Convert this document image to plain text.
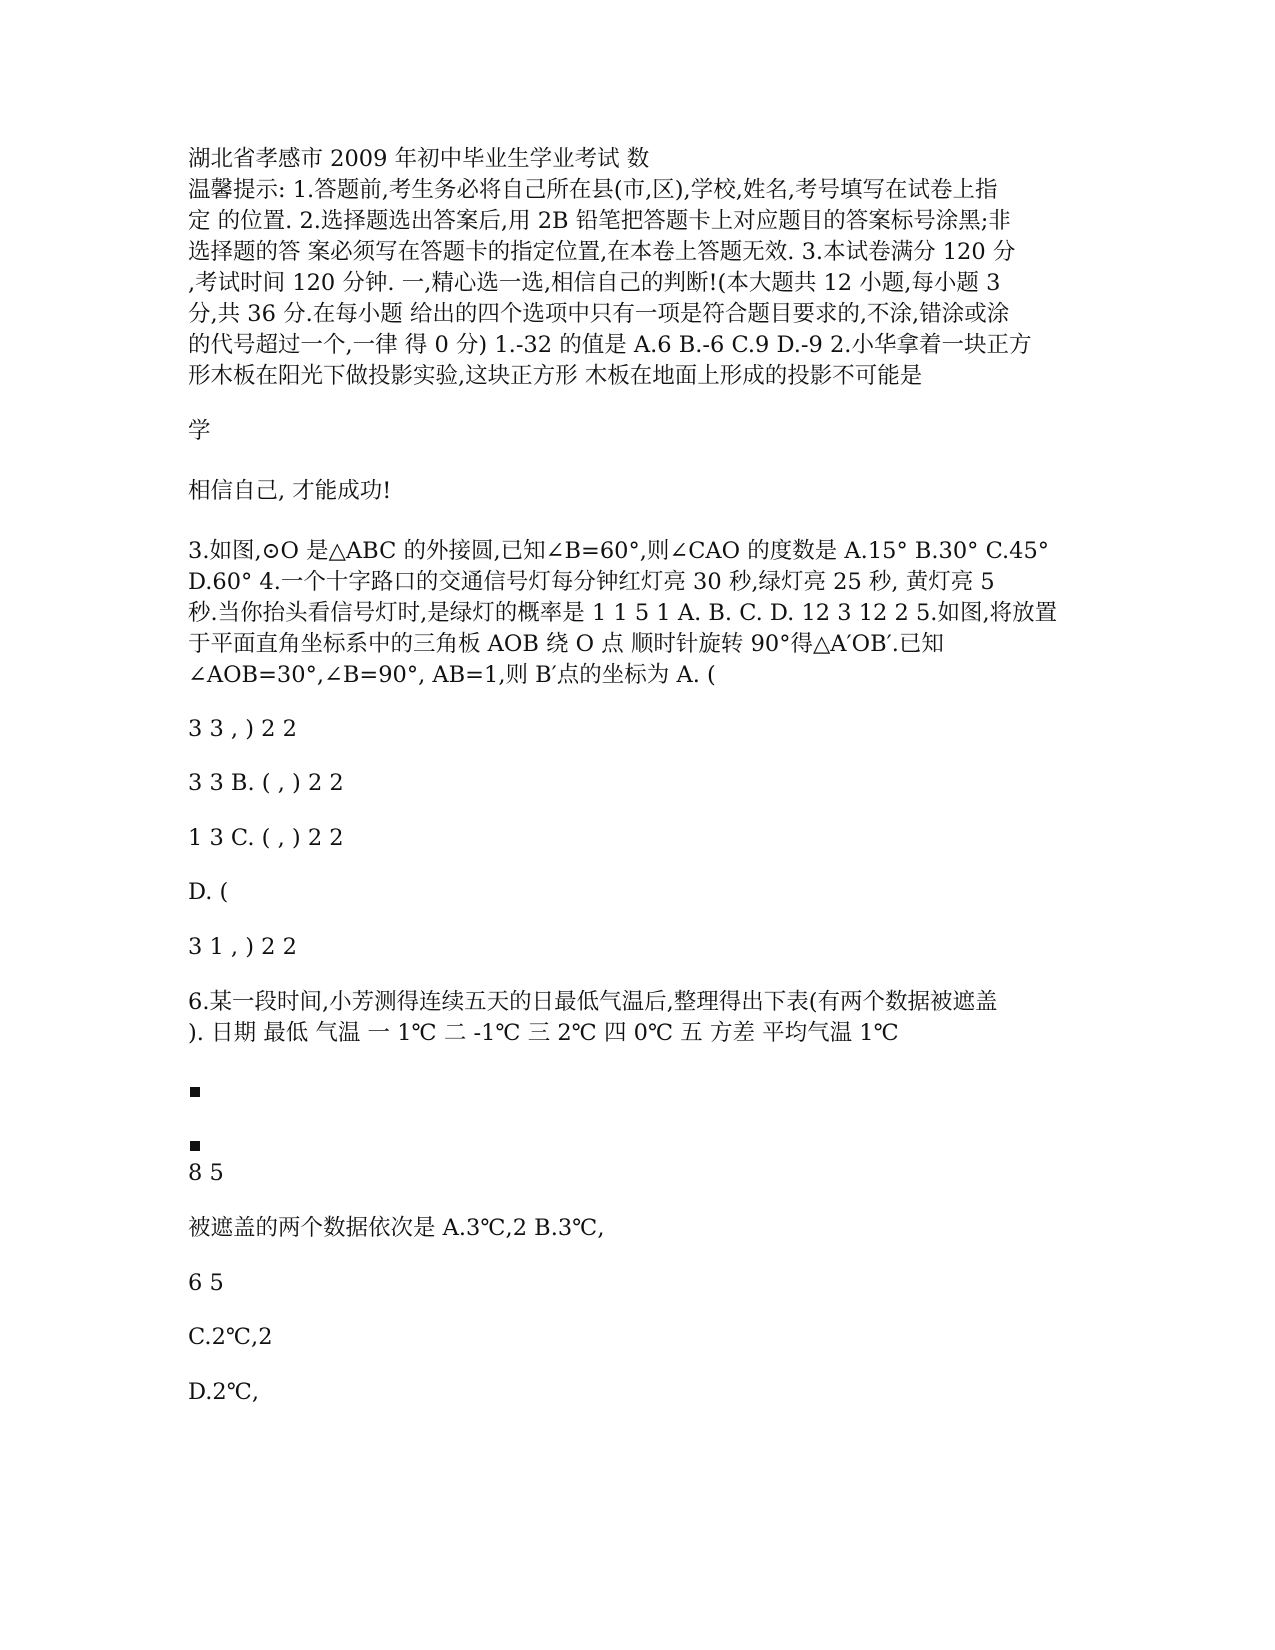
湖北省孝感市 2009 年初中毕业生学业考试 数
温馨提示: 1.答题前,考生务必将自己所在县(市,区),学校,姓名,考号填写在试卷上指
定 的位置. 2.选择题选出答案后,用 2B 铅笔把答题卡上对应题目的答案标号涂黑;非
选择题的答 案必须写在答题卡的指定位置,在本卷上答题无效. 3.本试卷满分 120 分
,考试时间 120 分钟. 一,精心选一选,相信自己的判断!(本大题共 12 小题,每小题 3
分,共 36 分.在每小题 给出的四个选项中只有一项是符合题目要求的,不涂,错涂或涂
的代号超过一个,一律 得 0 分) 1.-32 的值是 A.6 B.-6 C.9 D.-9 2.小华拿着一块正方
形木板在阳光下做投影实验,这块正方形 木板在地面上形成的投影不可能是

学

相信自己, 才能成功!

3.如图,⊙O 是△ABC 的外接圆,已知∠B=60°,则∠CAO 的度数是 A.15° B.30° C.45°
D.60° 4.一个十字路口的交通信号灯每分钟红灯亮 30 秒,绿灯亮 25 秒, 黄灯亮 5
秒.当你抬头看信号灯时,是绿灯的概率是 1 1 5 1 A. B. C. D. 12 3 12 2 5.如图,将放置
于平面直角坐标系中的三角板 AOB 绕 O 点 顺时针旋转 90°得△A′OB′.已知
∠AOB=30°,∠B=90°, AB=1,则 B′点的坐标为 A. (

3 3 , ) 2 2

3 3 B. ( , ) 2 2

1 3 C. ( , ) 2 2

D. (

3 1 , ) 2 2

6.某一段时间,小芳测得连续五天的日最低气温后,整理得出下表(有两个数据被遮盖
). 日期 最低 气温 一 1℃ 二 -1℃ 三 2℃ 四 0℃ 五 方差 平均气温 1℃

8 5

被遮盖的两个数据依次是 A.3℃,2 B.3℃,

6 5

C.2℃,2

D.2℃,
